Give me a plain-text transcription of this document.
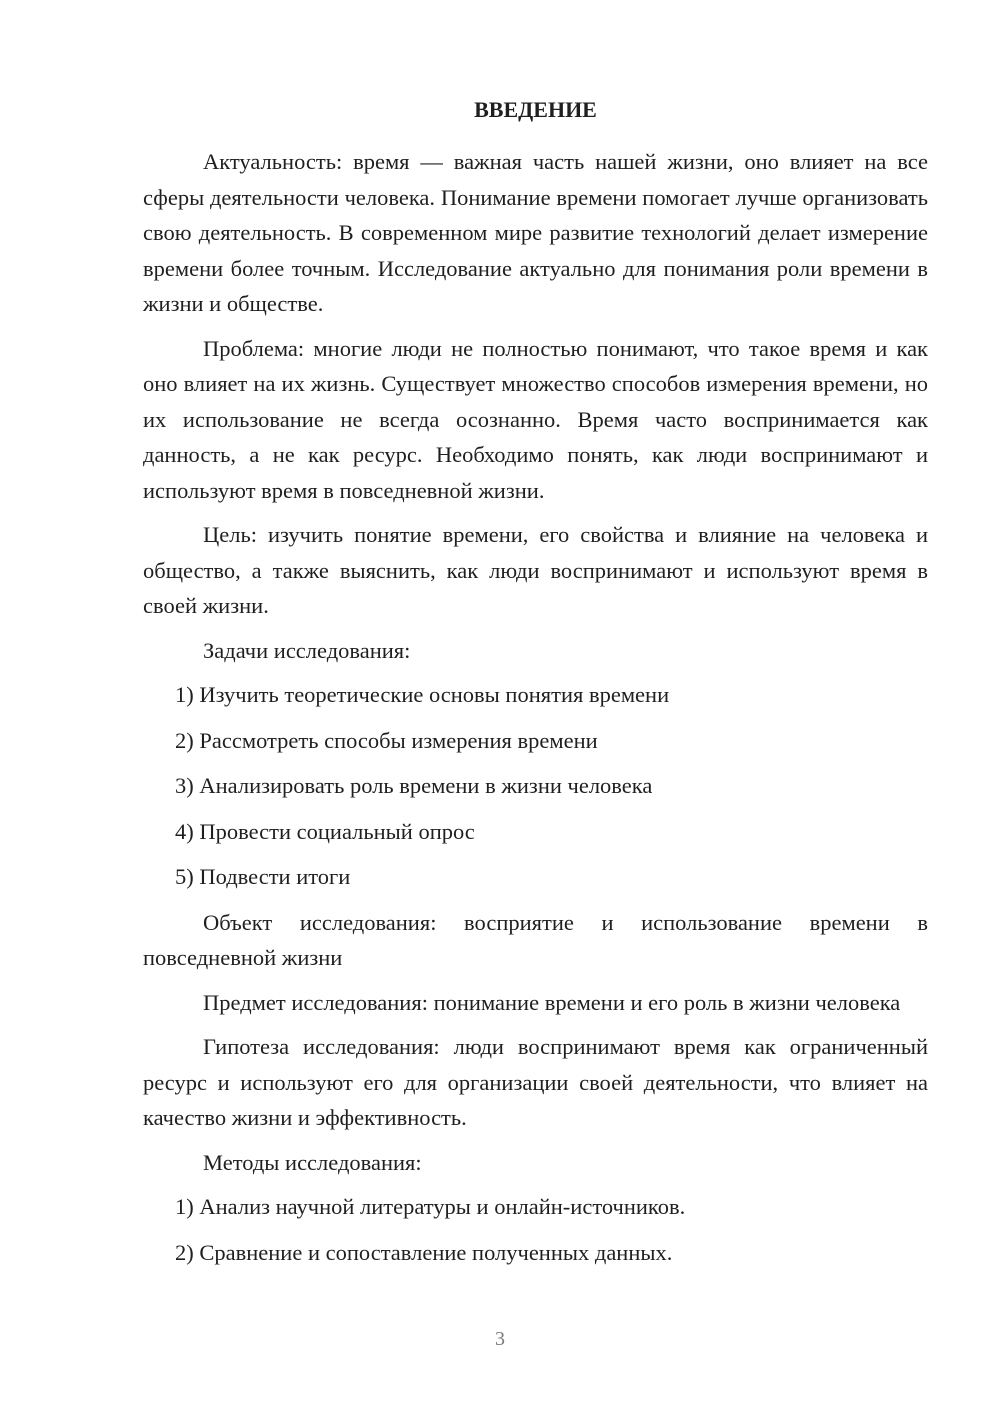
ВВЕДЕНИЕ

Актуальность: время — важная часть нашей жизни, оно влияет на все сферы деятельности человека. Понимание времени помогает лучше организовать свою деятельность. В современном мире развитие технологий делает измерение времени более точным. Исследование актуально для понимания роли времени в жизни и обществе.

Проблема: многие люди не полностью понимают, что такое время и как оно влияет на их жизнь. Существует множество способов измерения времени, но их использование не всегда осознанно. Время часто воспринимается как данность, а не как ресурс. Необходимо понять, как люди воспринимают и используют время в повседневной жизни.

Цель: изучить понятие времени, его свойства и влияние на человека и общество, а также выяснить, как люди воспринимают и используют время в своей жизни.

Задачи исследования:

1) Изучить теоретические основы понятия времени

2) Рассмотреть способы измерения времени

3) Анализировать роль времени в жизни человека

4) Провести социальный опрос

5) Подвести итоги

Объект исследования: восприятие и использование времени в повседневной жизни

Предмет исследования: понимание времени и его роль в жизни человека

Гипотеза исследования: люди воспринимают время как ограниченный ресурс и используют его для организации своей деятельности, что влияет на качество жизни и эффективность.

Методы исследования:

1) Анализ научной литературы и онлайн-источников.

2) Сравнение и сопоставление полученных данных.

3
